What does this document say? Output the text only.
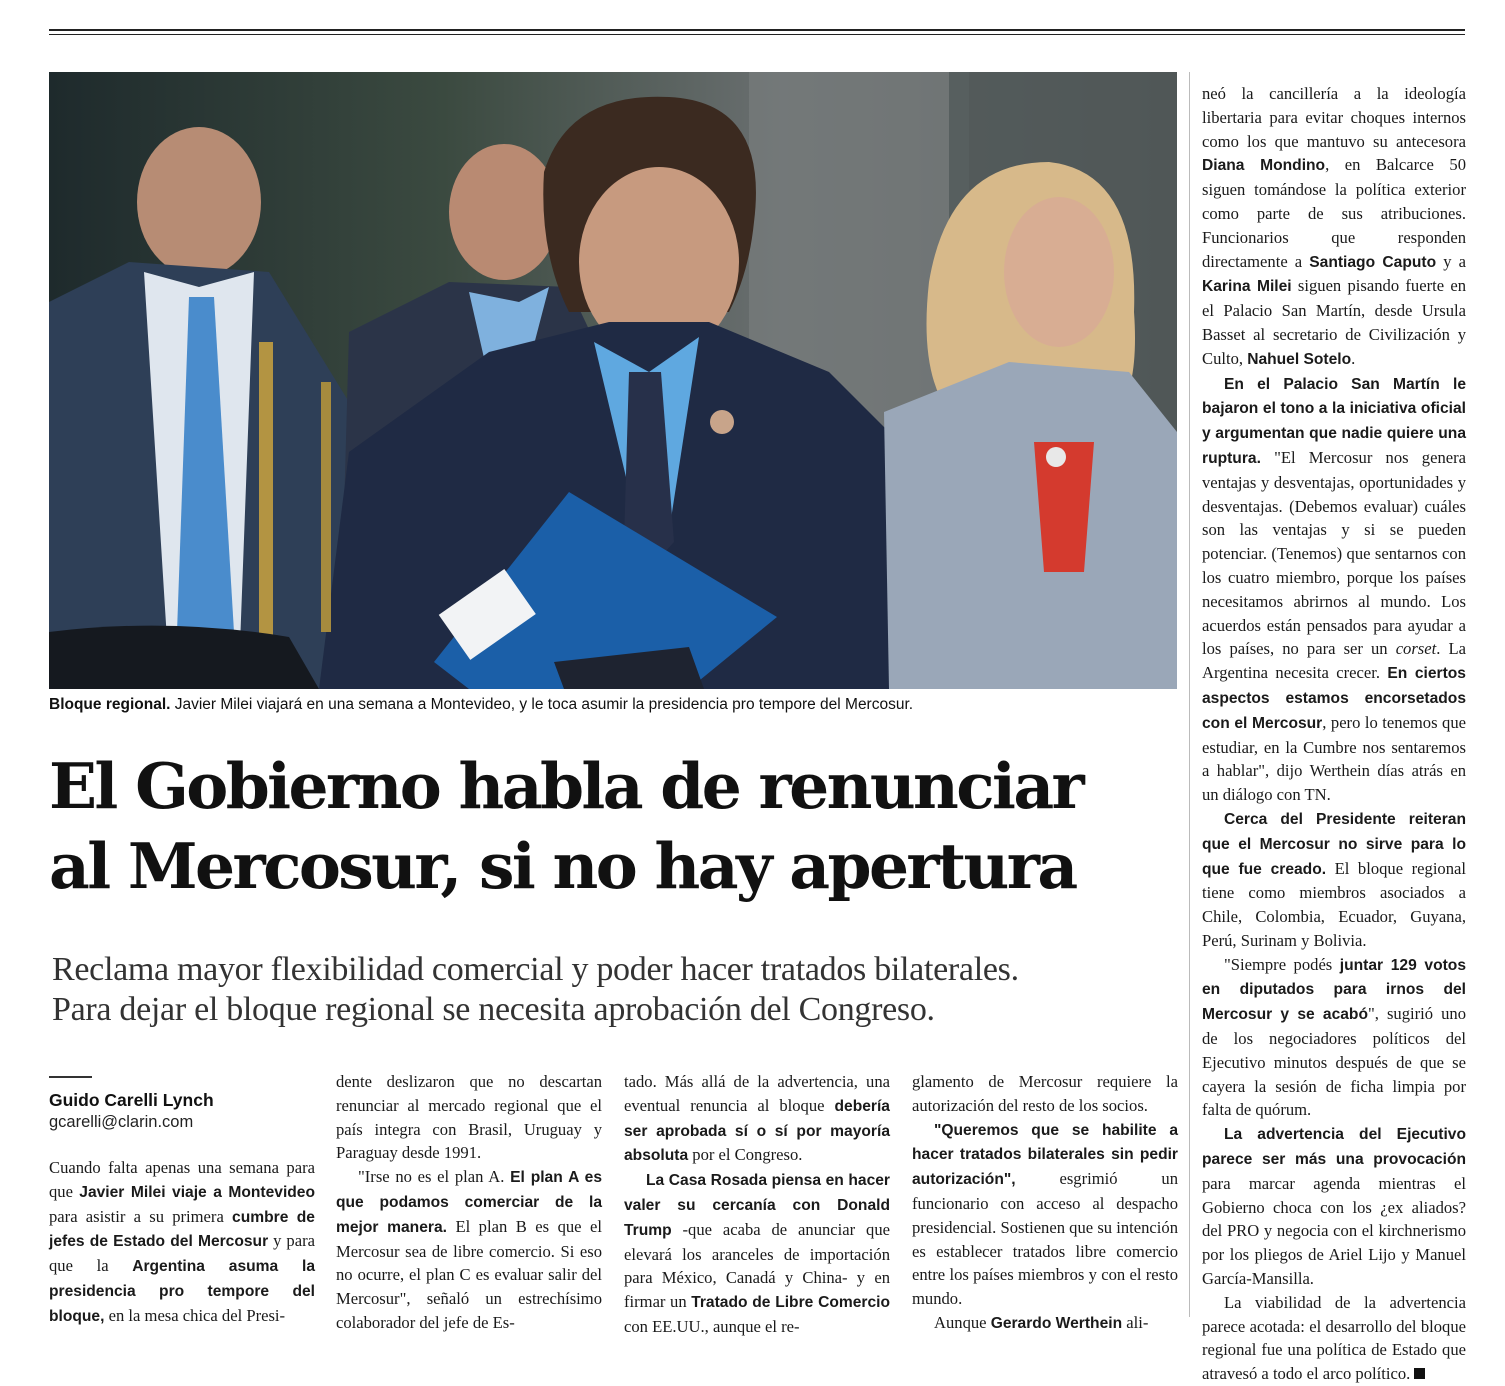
Bloque regional. Javier Milei viajará en una semana a Montevideo, y le toca asumir la presidencia pro tempore del Mercosur.
El Gobierno habla de renunciar
al Mercosur, si no hay apertura
Reclama mayor flexibilidad comercial y poder hacer tratados bilaterales.
Para dejar el bloque regional se necesita aprobación del Congreso.
Guido Carelli Lynch
gcarelli@clarin.com

Cuando falta apenas una semana para que Javier Milei viaje a Montevideo para asistir a su primera cumbre de jefes de Estado del Mercosur y para que la Argentina asuma la presidencia pro tempore del bloque, en la mesa chica del Presi-

dente deslizaron que no descartan renunciar al mercado regional que el país integra con Brasil, Uruguay y Paraguay desde 1991.

"Irse no es el plan A. El plan A es que podamos comerciar de la mejor manera. El plan B es que el Mercosur sea de libre comercio. Si eso no ocurre, el plan C es evaluar salir del Mercosur", señaló un estrechísimo colaborador del jefe de Es-

tado. Más allá de la advertencia, una eventual renuncia al bloque debería ser aprobada sí o sí por mayoría absoluta por el Congreso.

La Casa Rosada piensa en hacer valer su cercanía con Donald Trump -que acaba de anunciar que elevará los aranceles de importación para México, Canadá y China- y en firmar un Tratado de Libre Comercio con EE.UU., aunque el re-

glamento de Mercosur requiere la autorización del resto de los socios.

"Queremos que se habilite a hacer tratados bilaterales sin pedir autorización", esgrimió un funcionario con acceso al despacho presidencial. Sostienen que su intención es establecer tratados libre comercio entre los países miembros y con el resto mundo.

Aunque Gerardo Werthein ali-

neó la cancillería a la ideología libertaria para evitar choques internos como los que mantuvo su antecesora Diana Mondino, en Balcarce 50 siguen tomándose la política exterior como parte de sus atribuciones. Funcionarios que responden directamente a Santiago Caputo y a Karina Milei siguen pisando fuerte en el Palacio San Martín, desde Ursula Basset al secretario de Civilización y Culto, Nahuel Sotelo.

En el Palacio San Martín le bajaron el tono a la iniciativa oficial y argumentan que nadie quiere una ruptura. "El Mercosur nos genera ventajas y desventajas, oportunidades y desventajas. (Debemos evaluar) cuáles son las ventajas y si se pueden potenciar. (Tenemos) que sentarnos con los cuatro miembro, porque los países necesitamos abrirnos al mundo. Los acuerdos están pensados para ayudar a los países, no para ser un corset. La Argentina necesita crecer. En ciertos aspectos estamos encorsetados con el Mercosur, pero lo tenemos que estudiar, en la Cumbre nos sentaremos a hablar", dijo Werthein días atrás en un diálogo con TN.

Cerca del Presidente reiteran que el Mercosur no sirve para lo que fue creado. El bloque regional tiene como miembros asociados a Chile, Colombia, Ecuador, Guyana, Perú, Surinam y Bolivia.

"Siempre podés juntar 129 votos en diputados para irnos del Mercosur y se acabó", sugirió uno de los negociadores políticos del Ejecutivo minutos después de que se cayera la sesión de ficha limpia por falta de quórum.

La advertencia del Ejecutivo parece ser más una provocación para marcar agenda mientras el Gobierno choca con los ¿ex aliados? del PRO y negocia con el kirchnerismo por los pliegos de Ariel Lijo y Manuel García-Mansilla.

La viabilidad de la advertencia parece acotada: el desarrollo del bloque regional fue una política de Estado que atravesó a todo el arco político.
